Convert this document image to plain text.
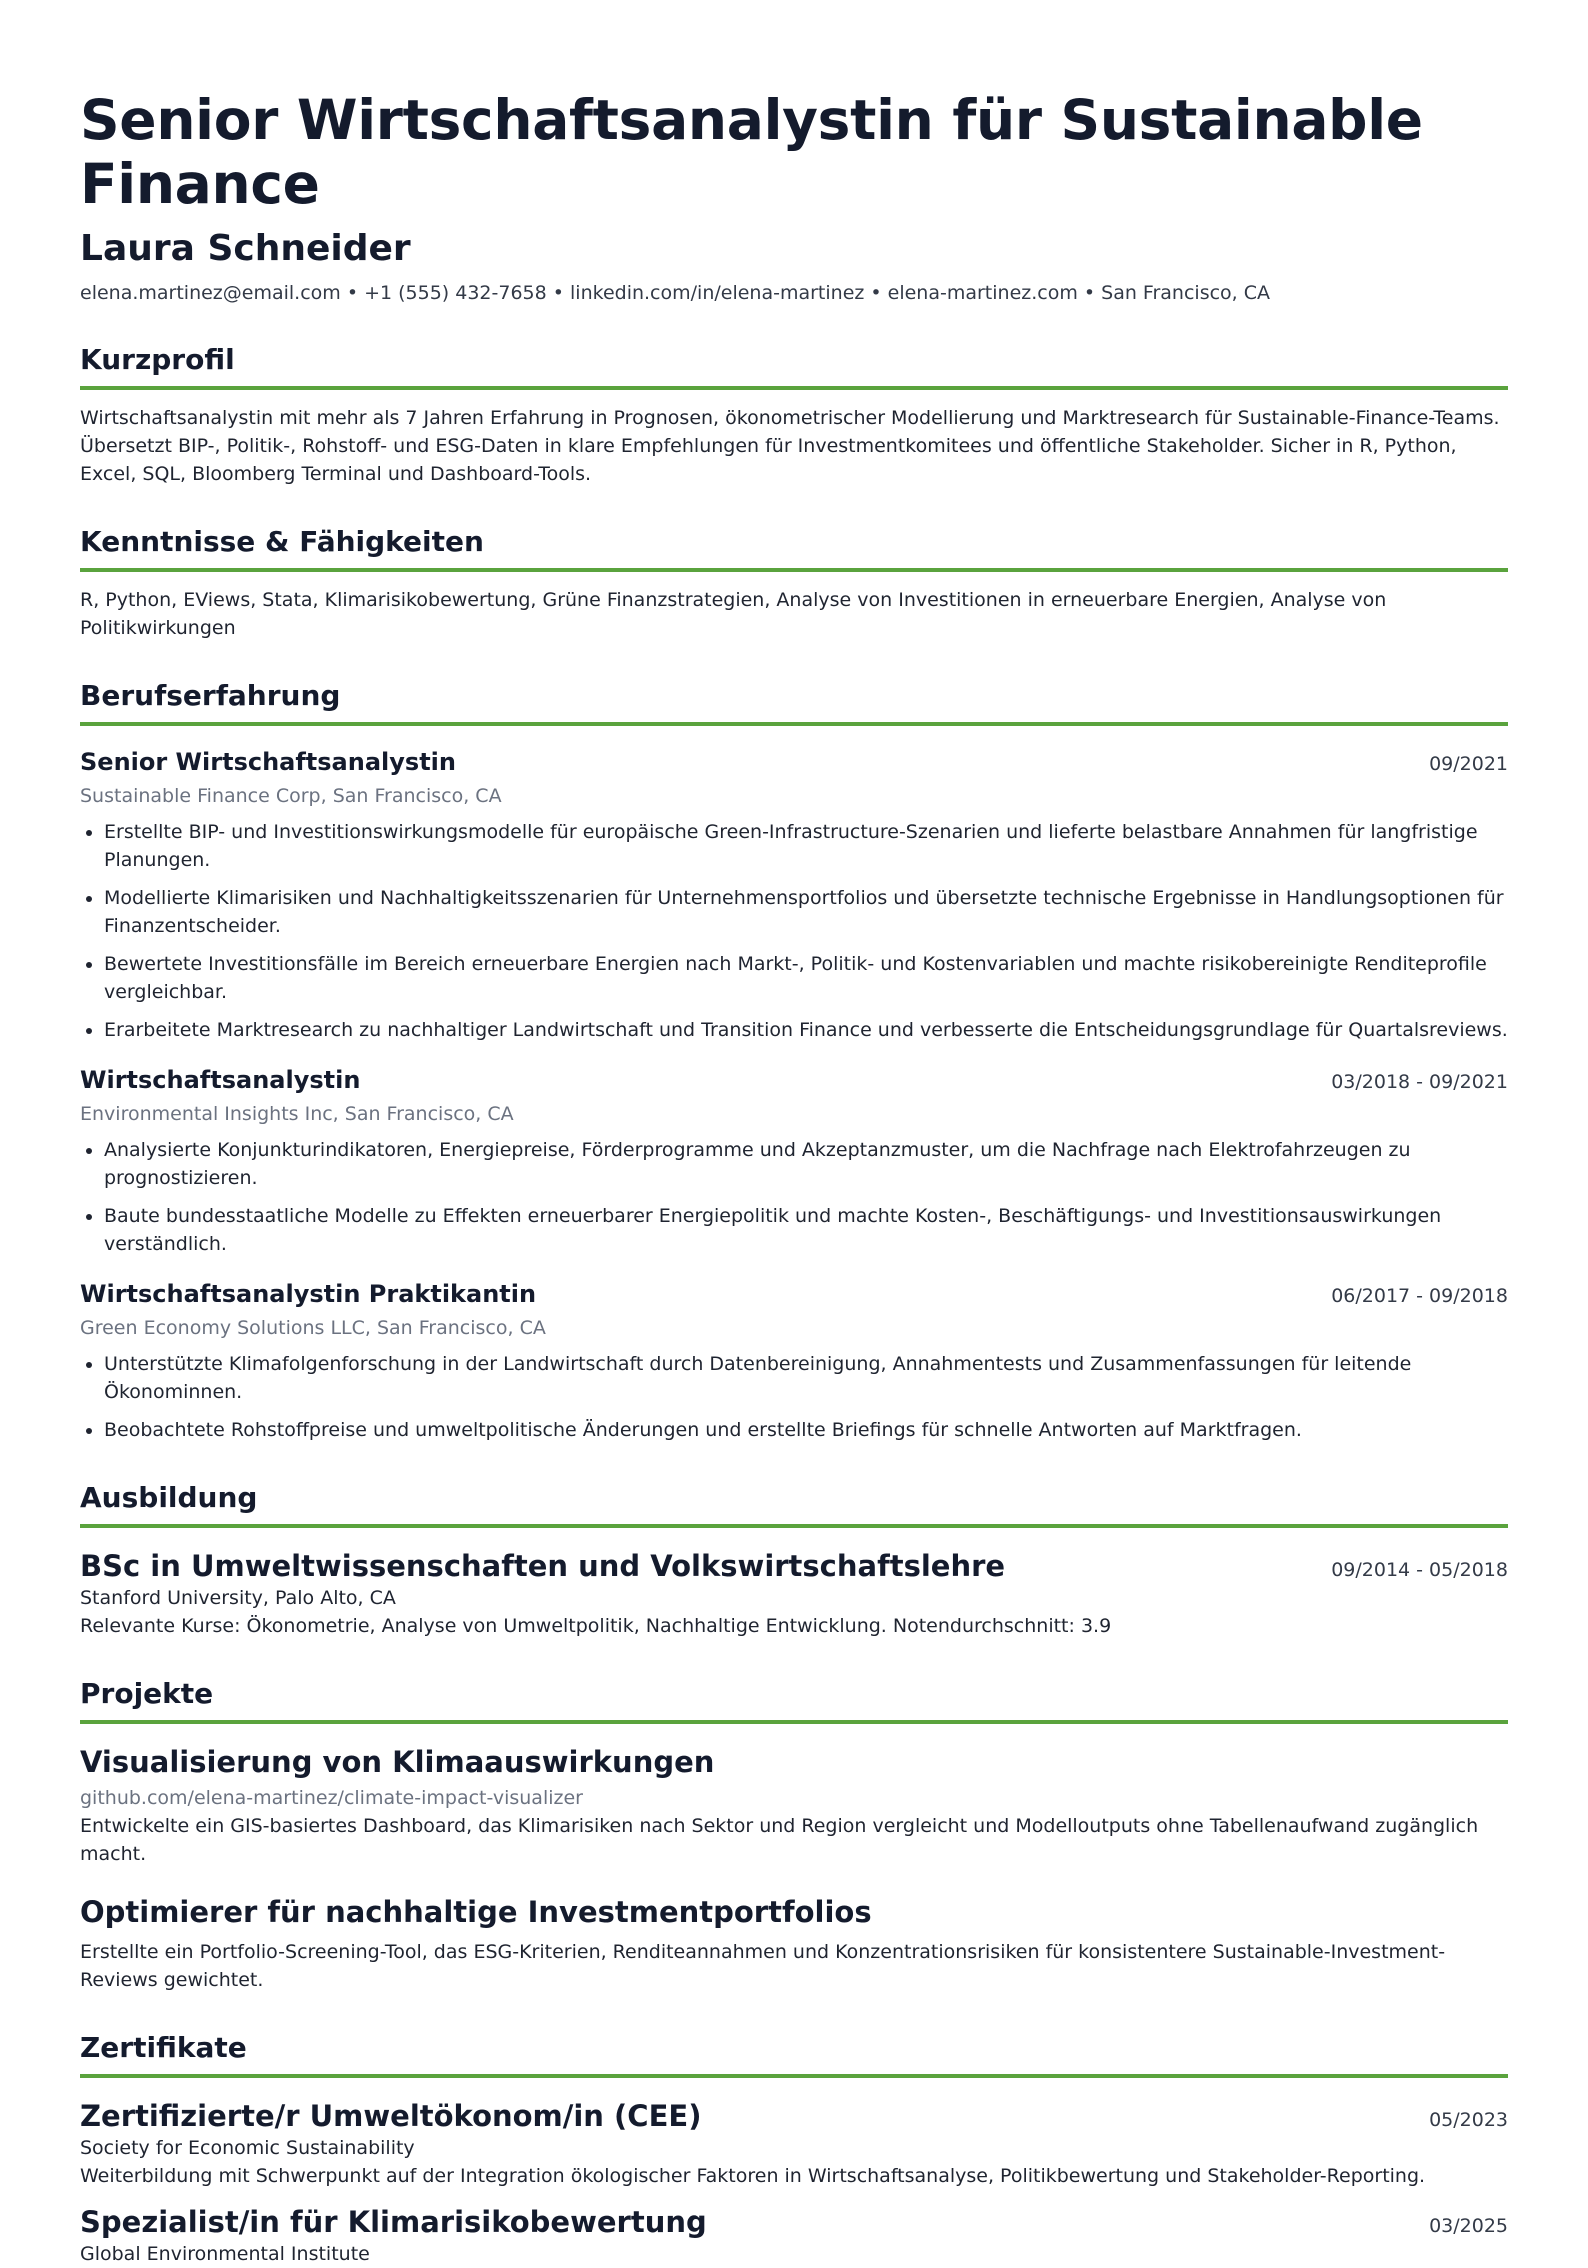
Senior Wirtschaftsanalystin für Sustainable Finance
Laura Schneider
elena.martinez@email.com • +1 (555) 432-7658 • linkedin.com/in/elena-martinez • elena-martinez.com • San Francisco, CA
Kurzprofil
Wirtschaftsanalystin mit mehr als 7 Jahren Erfahrung in Prognosen, ökonometrischer Modellierung und Marktresearch für Sustainable-Finance-Teams. Übersetzt BIP-, Politik-, Rohstoff- und ESG-Daten in klare Empfehlungen für Investmentkomitees und öffentliche Stakeholder. Sicher in R, Python, Excel, SQL, Bloomberg Terminal und Dashboard-Tools.
Kenntnisse & Fähigkeiten
R, Python, EViews, Stata, Klimarisikobewertung, Grüne Finanzstrategien, Analyse von Investitionen in erneuerbare Energien, Analyse von Politikwirkungen
Berufserfahrung
Senior Wirtschaftsanalystin	09/2021
Sustainable Finance Corp, San Francisco, CA
• Erstellte BIP- und Investitionswirkungsmodelle für europäische Green-Infrastructure-Szenarien und lieferte belastbare Annahmen für langfristige Planungen.
• Modellierte Klimarisiken und Nachhaltigkeitsszenarien für Unternehmensportfolios und übersetzte technische Ergebnisse in Handlungsoptionen für Finanzentscheider.
• Bewertete Investitionsfälle im Bereich erneuerbare Energien nach Markt-, Politik- und Kostenvariablen und machte risikobereinigte Renditeprofile vergleichbar.
• Erarbeitete Marktresearch zu nachhaltiger Landwirtschaft und Transition Finance und verbesserte die Entscheidungsgrundlage für Quartalsreviews.
Wirtschaftsanalystin	03/2018 - 09/2021
Environmental Insights Inc, San Francisco, CA
• Analysierte Konjunkturindikatoren, Energiepreise, Förderprogramme und Akzeptanzmuster, um die Nachfrage nach Elektrofahrzeugen zu prognostizieren.
• Baute bundesstaatliche Modelle zu Effekten erneuerbarer Energiepolitik und machte Kosten-, Beschäftigungs- und Investitionsauswirkungen verständlich.
Wirtschaftsanalystin Praktikantin	06/2017 - 09/2018
Green Economy Solutions LLC, San Francisco, CA
• Unterstützte Klimafolgenforschung in der Landwirtschaft durch Datenbereinigung, Annahmentests und Zusammenfassungen für leitende Ökonominnen.
• Beobachtete Rohstoffpreise und umweltpolitische Änderungen und erstellte Briefings für schnelle Antworten auf Marktfragen.
Ausbildung
BSc in Umweltwissenschaften und Volkswirtschaftslehre	09/2014 - 05/2018
Stanford University, Palo Alto, CA
Relevante Kurse: Ökonometrie, Analyse von Umweltpolitik, Nachhaltige Entwicklung. Notendurchschnitt: 3.9
Projekte
Visualisierung von Klimaauswirkungen
github.com/elena-martinez/climate-impact-visualizer
Entwickelte ein GIS-basiertes Dashboard, das Klimarisiken nach Sektor und Region vergleicht und Modelloutputs ohne Tabellenaufwand zugänglich macht.
Optimierer für nachhaltige Investmentportfolios
Erstellte ein Portfolio-Screening-Tool, das ESG-Kriterien, Renditeannahmen und Konzentrationsrisiken für konsistentere Sustainable-Investment-Reviews gewichtet.
Zertifikate
Zertifizierte/r Umweltökonom/in (CEE)	05/2023
Society for Economic Sustainability
Weiterbildung mit Schwerpunkt auf der Integration ökologischer Faktoren in Wirtschaftsanalyse, Politikbewertung und Stakeholder-Reporting.
Spezialist/in für Klimarisikobewertung	03/2025
Global Environmental Institute
